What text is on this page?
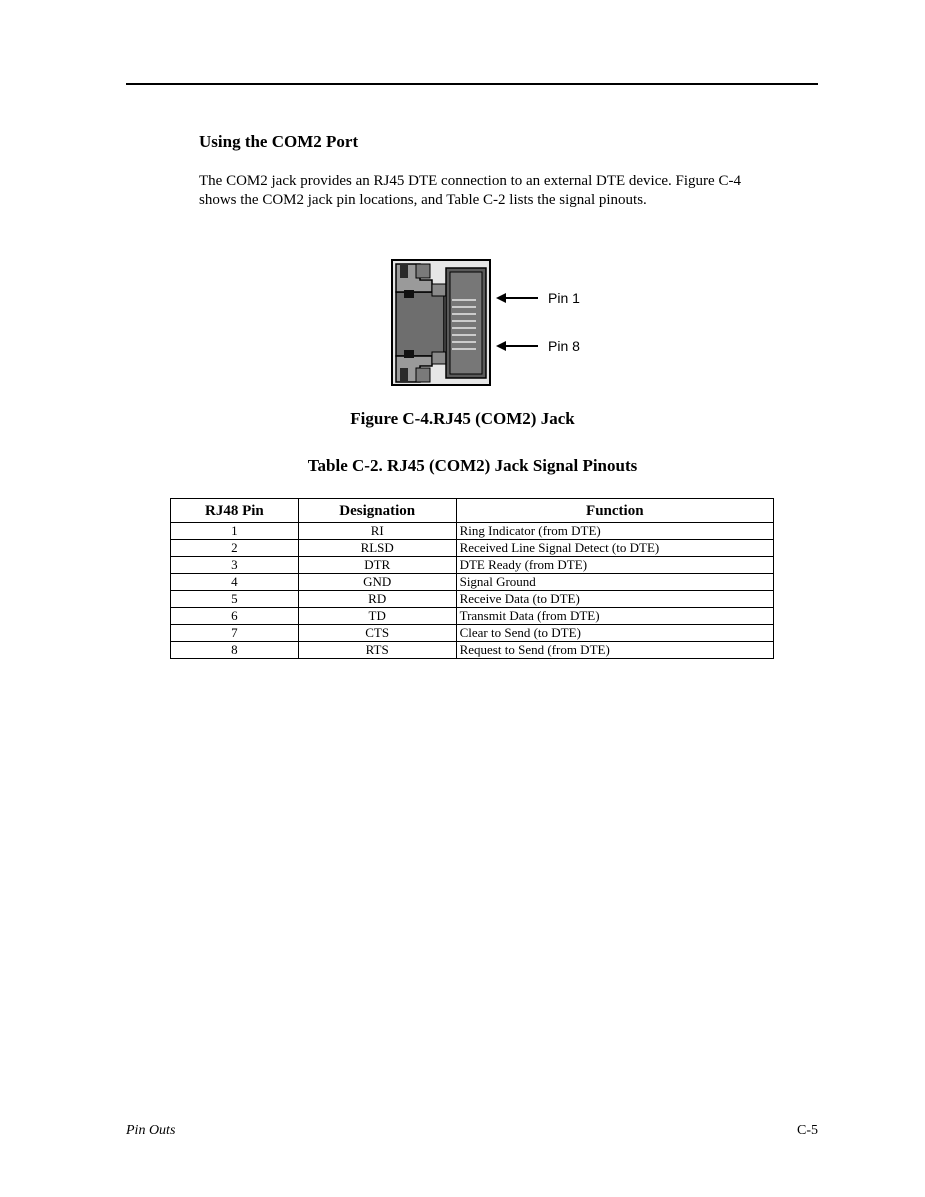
Using the COM2 Port

The COM2 jack provides an RJ45 DTE connection to an external DTE device. Figure C-4
shows the COM2 jack pin locations, and Table C-2 lists the signal pinouts.

Pin 1
Pin 8

Figure C-4.RJ45 (COM2) Jack

Table C-2. RJ45 (COM2) Jack Signal Pinouts

RJ48 Pin	Designation	Function
1	RI	Ring Indicator (from DTE)
2	RLSD	Received Line Signal Detect (to DTE)
3	DTR	DTE Ready (from DTE)
4	GND	Signal Ground
5	RD	Receive Data (to DTE)
6	TD	Transmit Data (from DTE)
7	CTS	Clear to Send (to DTE)
8	RTS	Request to Send (from DTE)
Pin Outs	C-5
